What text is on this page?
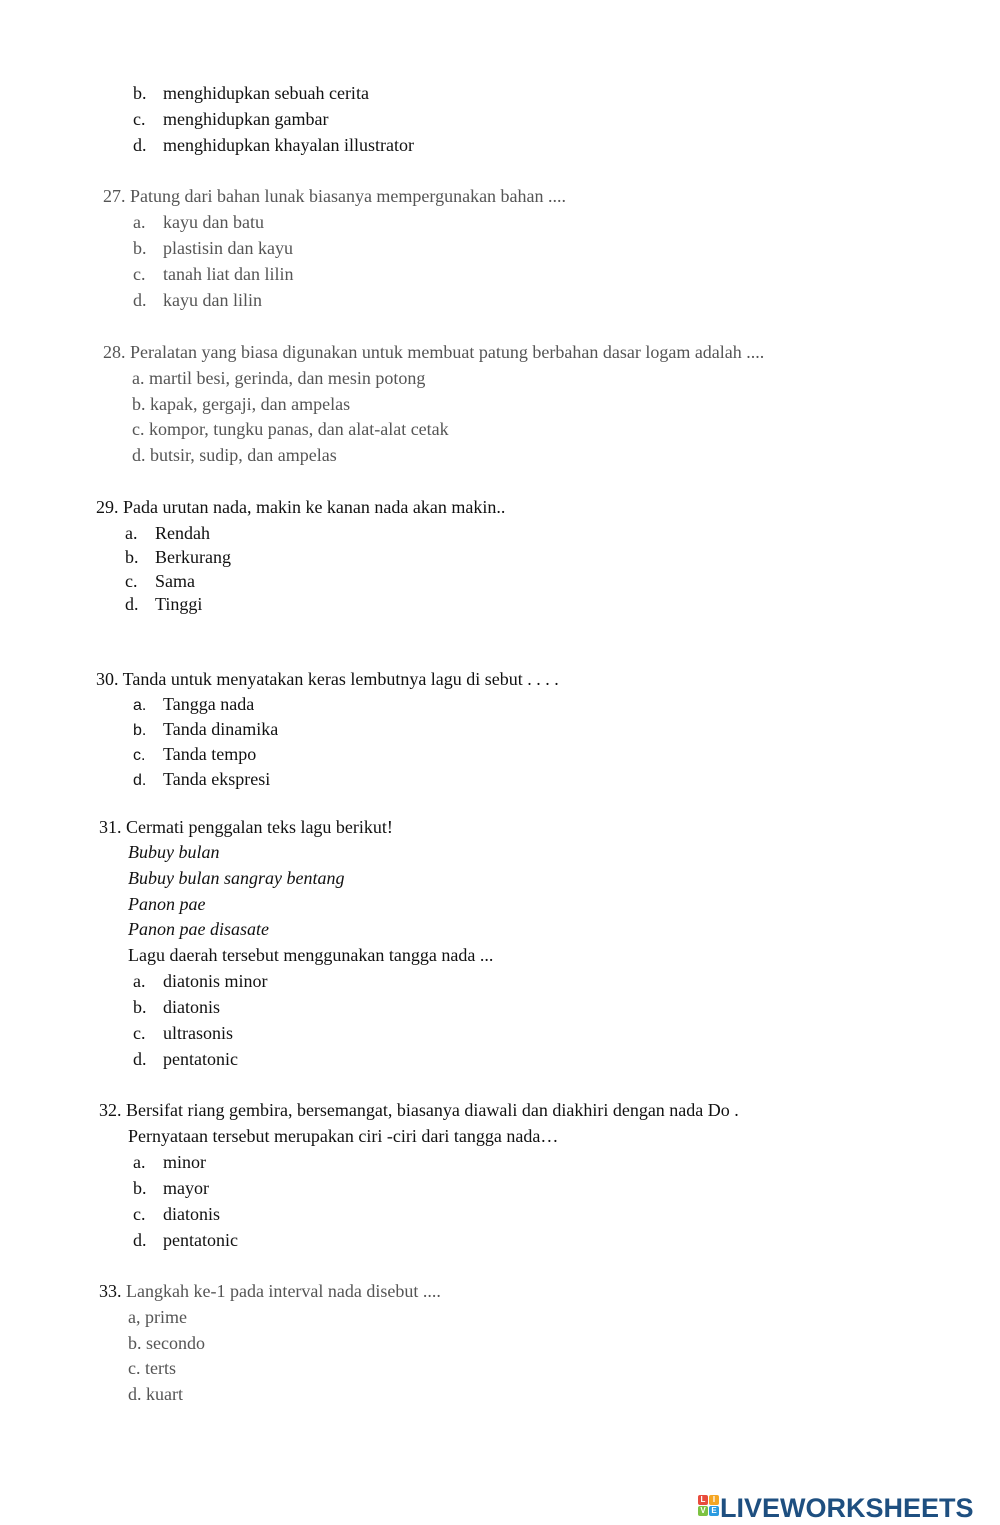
b. menghidupkan sebuah cerita
c. menghidupkan gambar
d. menghidupkan khayalan illustrator
27. Patung dari bahan lunak biasanya mempergunakan bahan ....
a. kayu dan batu
b. plastisin dan kayu
c. tanah liat dan lilin
d. kayu dan lilin
28. Peralatan yang biasa digunakan untuk membuat patung berbahan dasar logam adalah ....
a. martil besi, gerinda, dan mesin potong
b. kapak, gergaji, dan ampelas
c. kompor, tungku panas, dan alat-alat cetak
d. butsir, sudip, dan ampelas
29. Pada urutan nada, makin ke kanan nada akan makin..
a. Rendah
b. Berkurang
c. Sama
d. Tinggi
30. Tanda untuk menyatakan keras lembutnya lagu di sebut . . . .
a. Tangga nada
b. Tanda dinamika
c. Tanda tempo
d. Tanda ekspresi
31. Cermati penggalan teks lagu berikut!
Bubuy bulan
Bubuy bulan sangray bentang
Panon pae
Panon pae disasate
Lagu daerah tersebut menggunakan tangga nada ...
a. diatonis minor
b. diatonis
c. ultrasonis
d. pentatonic
32. Bersifat riang gembira, bersemangat, biasanya diawali dan diakhiri dengan nada Do .
Pernyataan tersebut merupakan ciri -ciri dari tangga nada…
a. minor
b. mayor
c. diatonis
d. pentatonic
33. Langkah ke-1 pada interval nada disebut ....
a, prime
b. secondo
c. terts
d. kuart
L I
V E LIVEWORKSHEETS
